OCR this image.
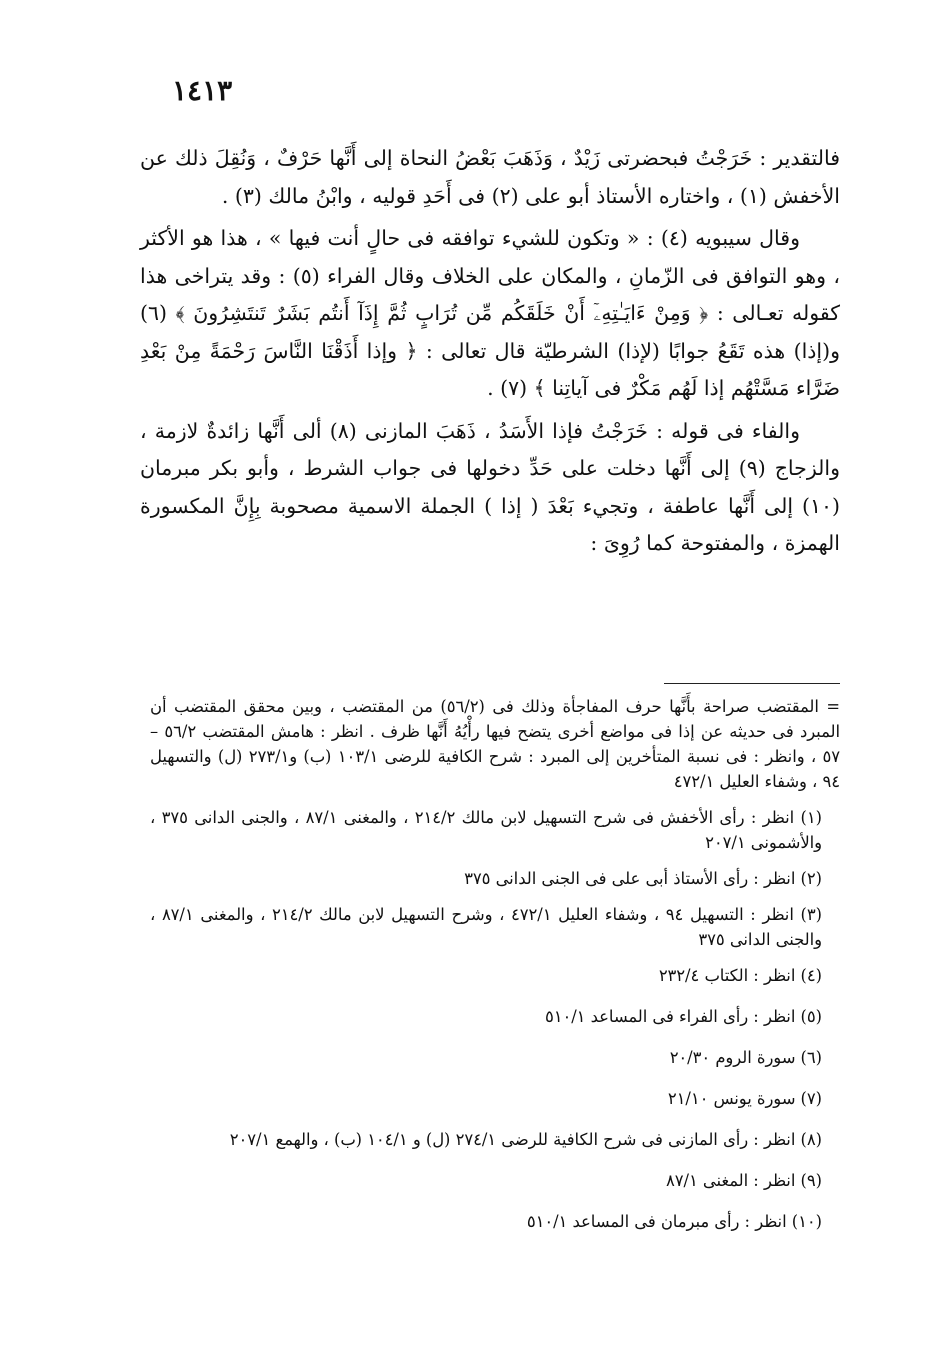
١٤١٣

فالتقدير : خَرَجْتُ فبحضرتى زَيْدٌ ، وَذَهَبَ بَعْضُ النحاة إلى أَنَّها حَرْفٌ ، وَنُقِلَ ذلك عن الأخفش (١) ، واختاره الأستاذ أبو على (٢) فى أَحَدِ قوليه ، وابْنُ مالك (٣) .

وقال سيبويه (٤) : « وتكون للشيء توافقه فى حالٍ أنت فيها » ، هذا هو الأكثر ، وهو التوافق فى الزّمانِ ، والمكان على الخلاف وقال الفراء (٥) : وقد يتراخى هذا كقوله تعـالى : ﴿ وَمِنْ ءَايَـٰتِهِۦٓ أَنْ خَلَقَكُم مِّن تُرَابٍ ثُمَّ إِذَآ أَنتُم بَشَرٌ تَنتَشِرُونَ ﴾ (٦) و(إذا) هذه تَقَعُ جوابًا (لإذا) الشرطيّة قال تعالى : ﴿ وإذا أَذَقْنَا النَّاسَ رَحْمَةً مِنْ بَعْدِ ضَرَّاء مَسَّتْهُم إذا لَهُم مَكْرٌ فى آياتِنا ﴾ (٧) .

والفاء فى قوله : خَرَجْتُ فإذا الأَسَدُ ، ذَهَبَ المازنى (٨) ألى أَنَّها زائدةٌ لازمة ، والزجاج (٩) إلى أَنَّها دخلت على حَدِّ دخولها فى جواب الشرط ، وأبو بكر مبرمان (١٠) إلى أَنَّها عاطفة ، وتجيء بَعْدَ ( إذا ) الجملة الاسمية مصحوبة بِإِنَّ المكسورة الهمزة ، والمفتوحة كما رُوِىَ :

= المقتضب صراحة بأَنَّها حرف المفاجأة وذلك فى (٥٦/٢) من المقتضب ، وبين محقق المقتضب أن المبرد فى حديثه عن إذا فى مواضع أخرى يتضح فيها رأْيُهُ أَنَّها ظرف . انظر : هامش المقتضب ٥٦/٢ – ٥٧ ، وانظر : فى نسبة المتأخرين إلى المبرد : شرح الكافية للرضى ١٠٣/١ (ب) و٢٧٣/١ (ل) والتسهيل ٩٤ ، وشفاء العليل ٤٧٢/١
(١) انظر : رأى الأخفش فى شرح التسهيل لابن مالك ٢١٤/٢ ، والمغنى ٨٧/١ ، والجنى الدانى ٣٧٥ ، والأشمونى ٢٠٧/١
(٢) انظر : رأى الأستاذ أبى على فى الجنى الدانى ٣٧٥
(٣) انظر : التسهيل ٩٤ ، وشفاء العليل ٤٧٢/١ ، وشرح التسهيل لابن مالك ٢١٤/٢ ، والمغنى ٨٧/١ ، والجنى الدانى ٣٧٥
(٤) انظر : الكتاب ٢٣٢/٤
(٥) انظر : رأى الفراء فى المساعد ٥١٠/١
(٦) سورة الروم ٢٠/٣٠
(٧) سورة يونس ٢١/١٠
(٨) انظر : رأى المازنى فى شرح الكافية للرضى ٢٧٤/١ (ل) و ١٠٤/١ (ب) ، والهمع ٢٠٧/١
(٩) انظر : المغنى ٨٧/١
(١٠) انظر : رأى مبرمان فى المساعد ٥١٠/١
